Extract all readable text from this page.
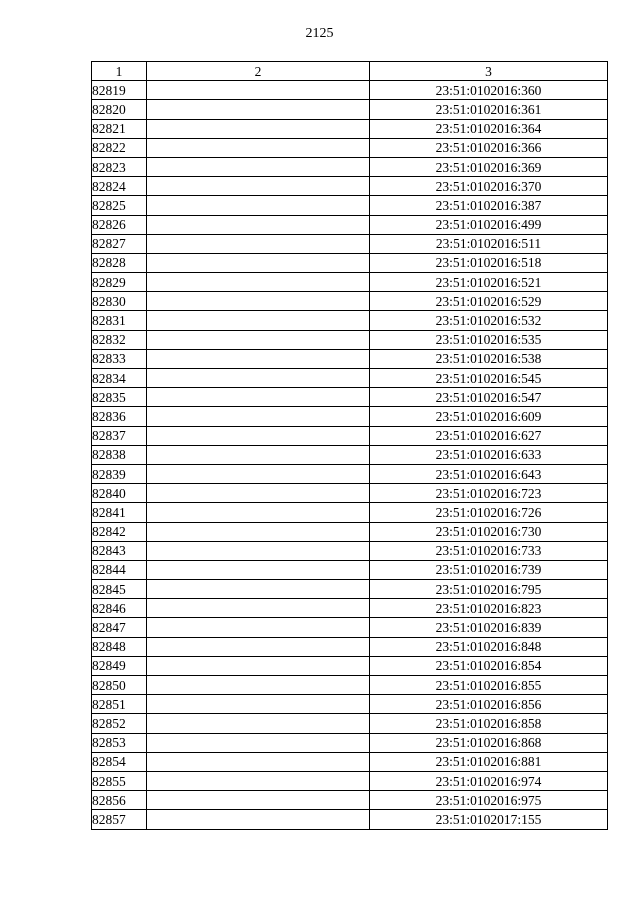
2125
1	2	3
82819		23:51:0102016:360
82820		23:51:0102016:361
82821		23:51:0102016:364
82822		23:51:0102016:366
82823		23:51:0102016:369
82824		23:51:0102016:370
82825		23:51:0102016:387
82826		23:51:0102016:499
82827		23:51:0102016:511
82828		23:51:0102016:518
82829		23:51:0102016:521
82830		23:51:0102016:529
82831		23:51:0102016:532
82832		23:51:0102016:535
82833		23:51:0102016:538
82834		23:51:0102016:545
82835		23:51:0102016:547
82836		23:51:0102016:609
82837		23:51:0102016:627
82838		23:51:0102016:633
82839		23:51:0102016:643
82840		23:51:0102016:723
82841		23:51:0102016:726
82842		23:51:0102016:730
82843		23:51:0102016:733
82844		23:51:0102016:739
82845		23:51:0102016:795
82846		23:51:0102016:823
82847		23:51:0102016:839
82848		23:51:0102016:848
82849		23:51:0102016:854
82850		23:51:0102016:855
82851		23:51:0102016:856
82852		23:51:0102016:858
82853		23:51:0102016:868
82854		23:51:0102016:881
82855		23:51:0102016:974
82856		23:51:0102016:975
82857		23:51:0102017:155
